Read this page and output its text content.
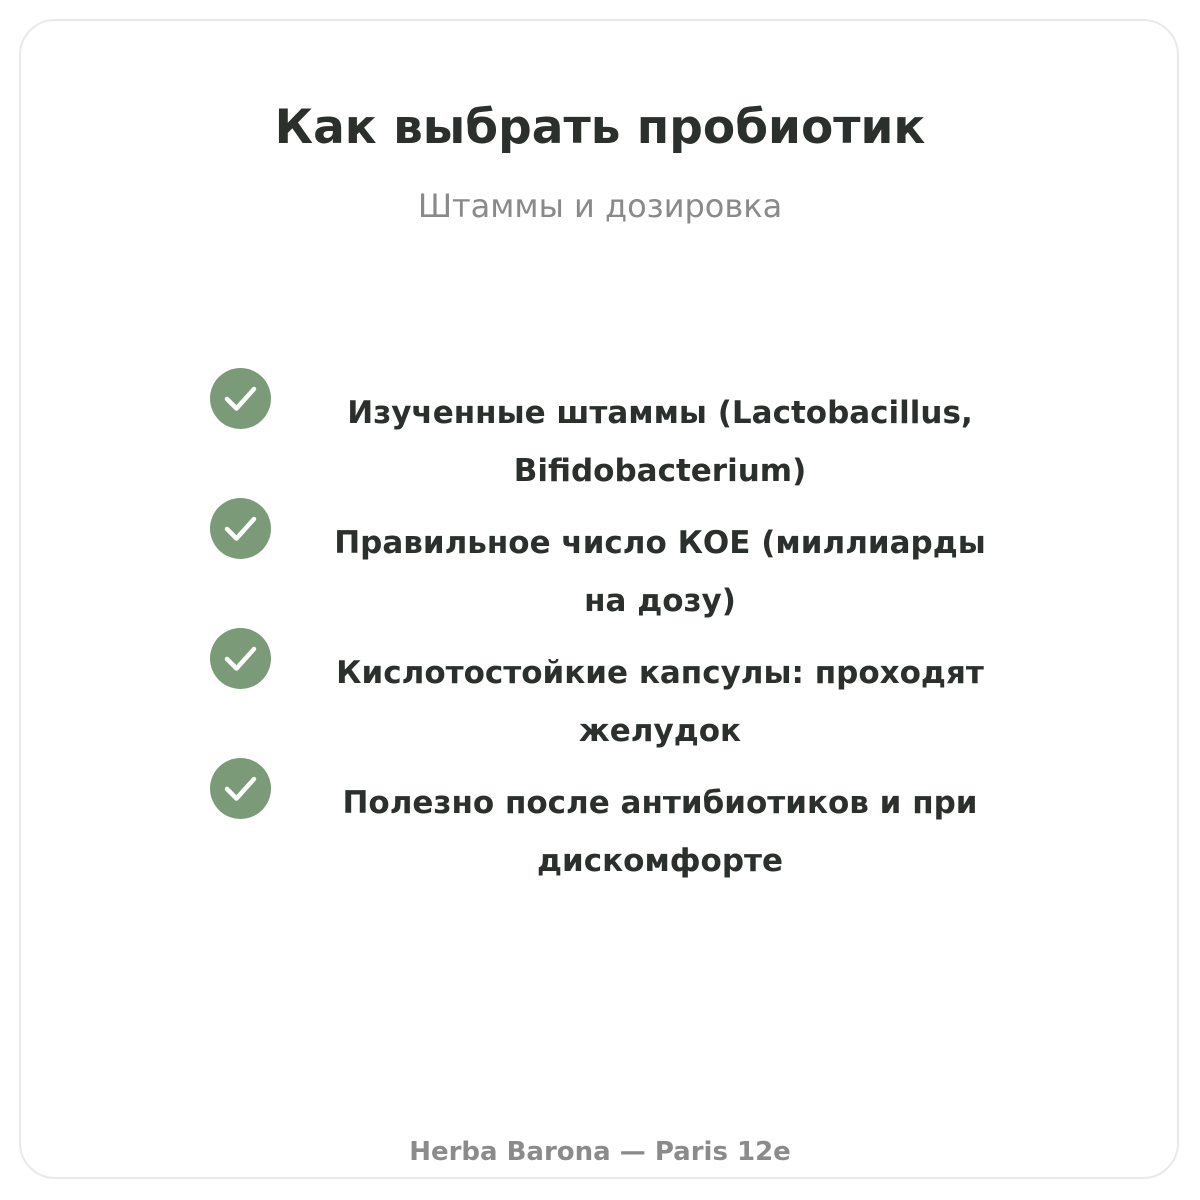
Как выбрать пробиотик

Штаммы и дозировка

Изученные штаммы (Lactobacillus, Bifidobacterium)
Правильное число КОЕ (миллиарды на дозу)
Кислотостойкие капсулы: проходят желудок
Полезно после антибиотиков и при дискомфорте

Herba Barona — Paris 12e
